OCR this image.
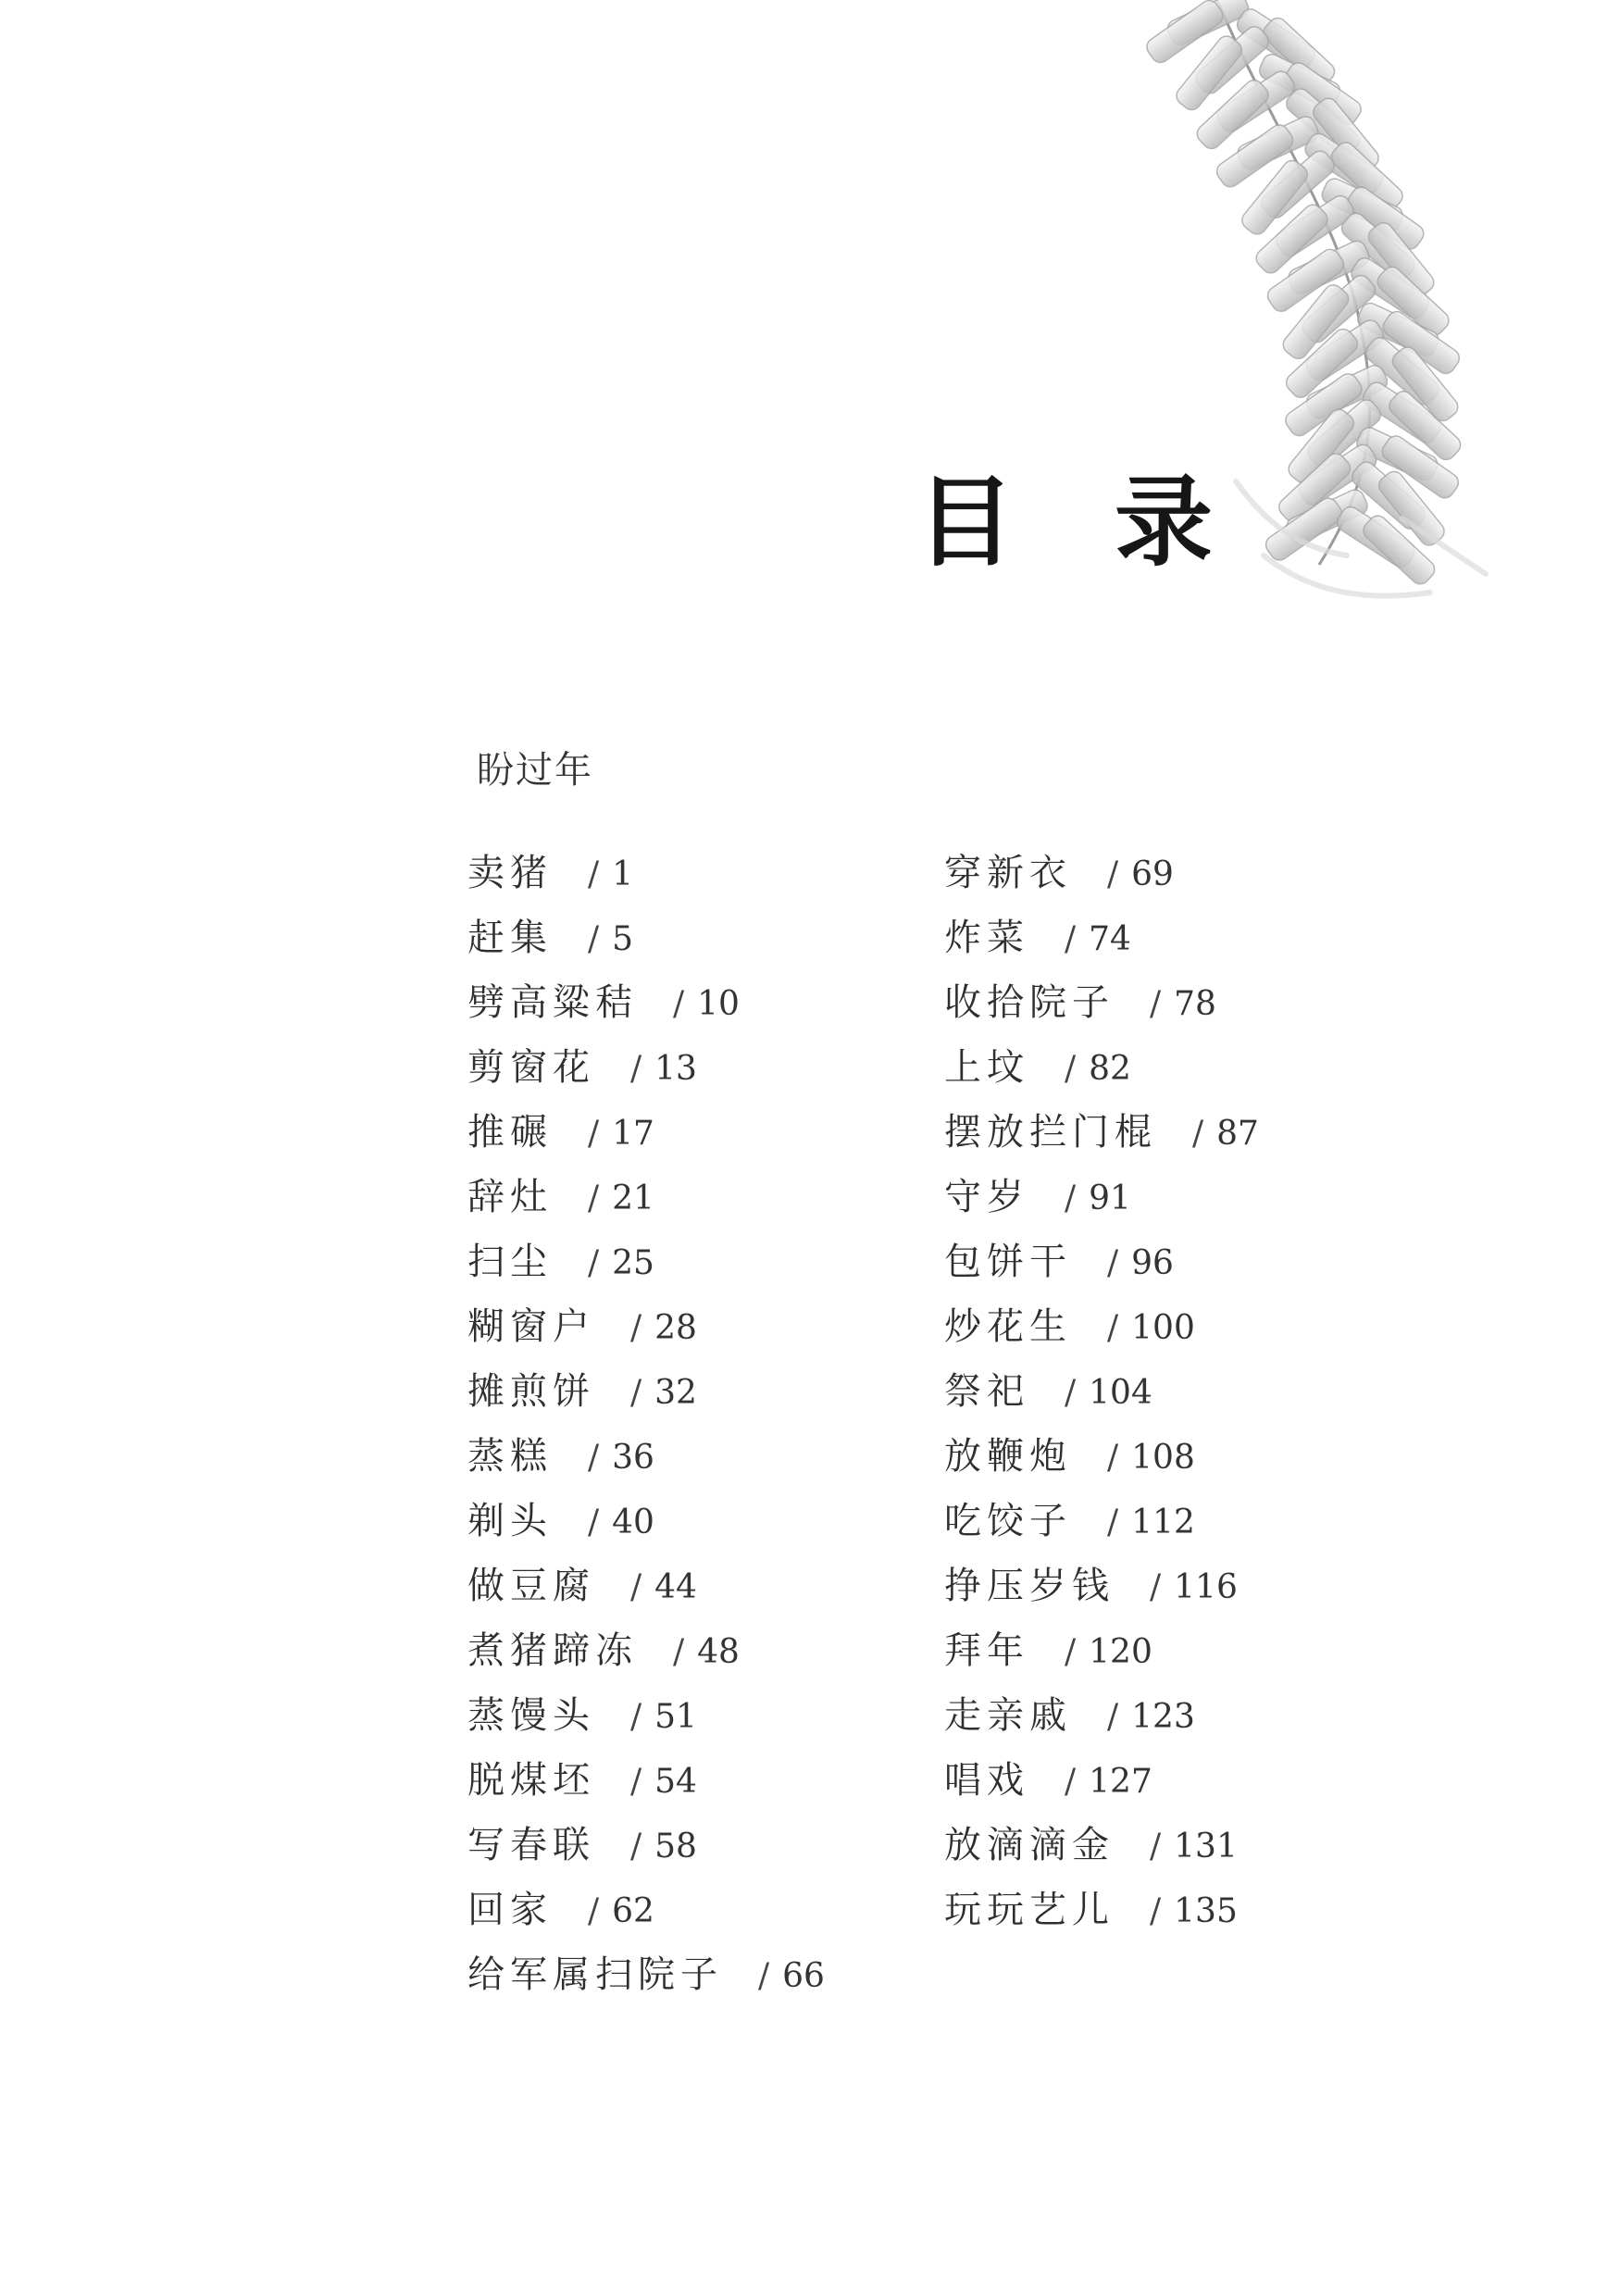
目 录
盼过年
卖猪 / 1
赶集 / 5
劈高粱秸 / 10
剪窗花 / 13
推碾 / 17
辞灶 / 21
扫尘 / 25
糊窗户 / 28
摊煎饼 / 32
蒸糕 / 36
剃头 / 40
做豆腐 / 44
煮猪蹄冻 / 48
蒸馒头 / 51
脱煤坯 / 54
写春联 / 58
回家 / 62
给军属扫院子 / 66
穿新衣 / 69
炸菜 / 74
收拾院子 / 78
上坟 / 82
摆放拦门棍 / 87
守岁 / 91
包饼干 / 96
炒花生 / 100
祭祀 / 104
放鞭炮 / 108
吃饺子 / 112
挣压岁钱 / 116
拜年 / 120
走亲戚 / 123
唱戏 / 127
放滴滴金 / 131
玩玩艺儿 / 135
